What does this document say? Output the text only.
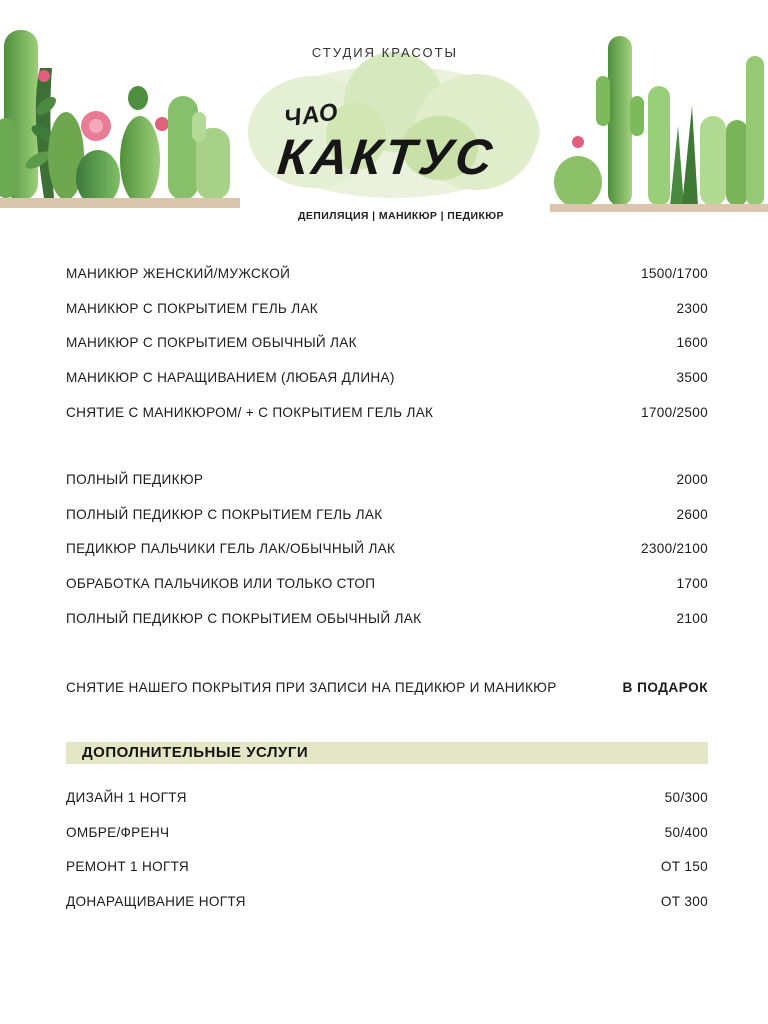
СТУДИЯ КРАСОТЫ
ЧАО
КАКТУС
ДЕПИЛЯЦИЯ | МАНИКЮР | ПЕДИКЮР
МАНИКЮР ЖЕНСКИЙ/МУЖСКОЙ	1500/1700
МАНИКЮР С ПОКРЫТИЕМ ГЕЛЬ ЛАК	2300
МАНИКЮР С ПОКРЫТИЕМ ОБЫЧНЫЙ ЛАК	1600
МАНИКЮР С НАРАЩИВАНИЕМ (ЛЮБАЯ ДЛИНА)	3500
СНЯТИЕ С МАНИКЮРОМ/ + С ПОКРЫТИЕМ ГЕЛЬ ЛАК	1700/2500
ПОЛНЫЙ ПЕДИКЮР	2000
ПОЛНЫЙ ПЕДИКЮР С ПОКРЫТИЕМ ГЕЛЬ ЛАК	2600
ПЕДИКЮР ПАЛЬЧИКИ ГЕЛЬ ЛАК/ОБЫЧНЫЙ ЛАК	2300/2100
ОБРАБОТКА ПАЛЬЧИКОВ ИЛИ ТОЛЬКО СТОП	1700
ПОЛНЫЙ ПЕДИКЮР С ПОКРЫТИЕМ ОБЫЧНЫЙ ЛАК	2100
СНЯТИЕ НАШЕГО ПОКРЫТИЯ ПРИ ЗАПИСИ НА ПЕДИКЮР И МАНИКЮР	В ПОДАРОК
ДОПОЛНИТЕЛЬНЫЕ УСЛУГИ
ДИЗАЙН 1 НОГТЯ	50/300
ОМБРЕ/ФРЕНЧ	50/400
РЕМОНТ 1 НОГТЯ	ОТ 150
ДОНАРАЩИВАНИЕ НОГТЯ	ОТ 300
